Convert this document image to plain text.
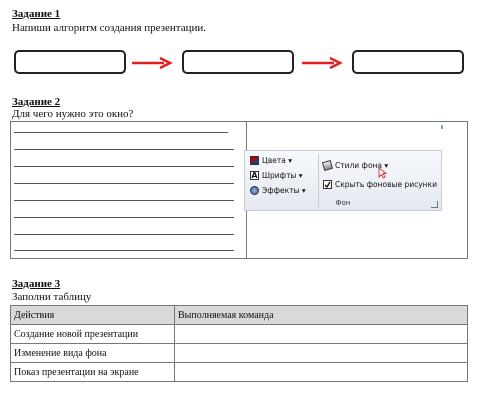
Задание 1
Напиши алгоритм создания презентации.
Задание 2
Для чего нужно это окно?
Цвета ▾
A Шрифты ▾
Эффекты ▾
Стили фона ▾
Скрыть фоновые рисунки
Фон
Задание 3
Заполни таблицу
Действия	Выполняемая команда
Создание новой презентации	
Изменение вида фона	
Показ презентации на экране	
